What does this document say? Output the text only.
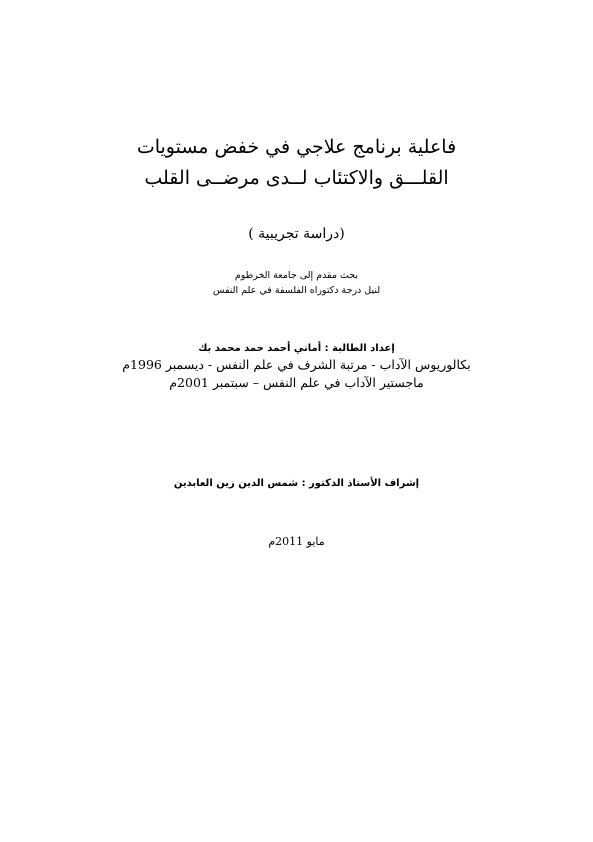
فاعلية برنامج علاجي في خفض مستويات
القلـــق والاكتئاب لــدى مرضــى القلب
(دراسة تجريبية )
بحث مقدم إلى جامعة الخرطوم
لنيل درجة دكتوراه الفلسفة في علم النفس
إعداد الطالبة : أماني أحمد حمد محمد بك
بكالوريوس الآداب - مرتبة الشرف في علم النفس - ديسمبر 1996م
ماجستير الآداب في علم النفس – سبتمبر 2001م
إشراف الأستاذ الدكتور : شمس الدين زين العابدين
مايو 2011م
